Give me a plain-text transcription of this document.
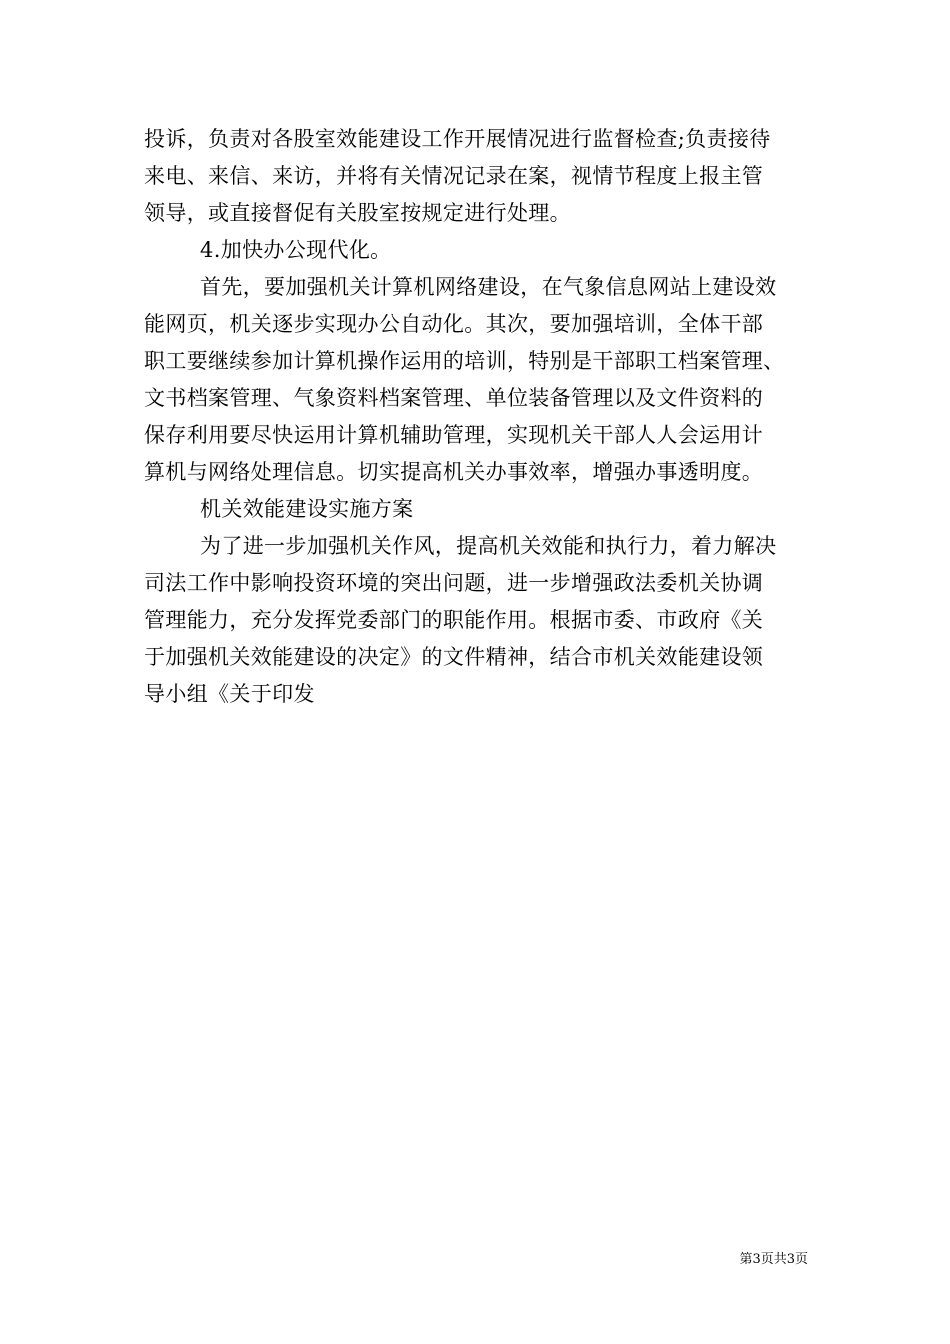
投诉，负责对各股室效能建设工作开展情况进行监督检查;负责接待
来电、来信、来访，并将有关情况记录在案，视情节程度上报主管
领导，或直接督促有关股室按规定进行处理。
4.加快办公现代化。
首先，要加强机关计算机网络建设，在气象信息网站上建设效
能网页，机关逐步实现办公自动化。其次，要加强培训，全体干部
职工要继续参加计算机操作运用的培训，特别是干部职工档案管理、
文书档案管理、气象资料档案管理、单位装备管理以及文件资料的
保存利用要尽快运用计算机辅助管理，实现机关干部人人会运用计
算机与网络处理信息。切实提高机关办事效率，增强办事透明度。
机关效能建设实施方案
为了进一步加强机关作风，提高机关效能和执行力，着力解决
司法工作中影响投资环境的突出问题，进一步增强政法委机关协调
管理能力，充分发挥党委部门的职能作用。根据市委、市政府《关
于加强机关效能建设的决定》的文件精神，结合市机关效能建设领
导小组《关于印发
第3页共3页
